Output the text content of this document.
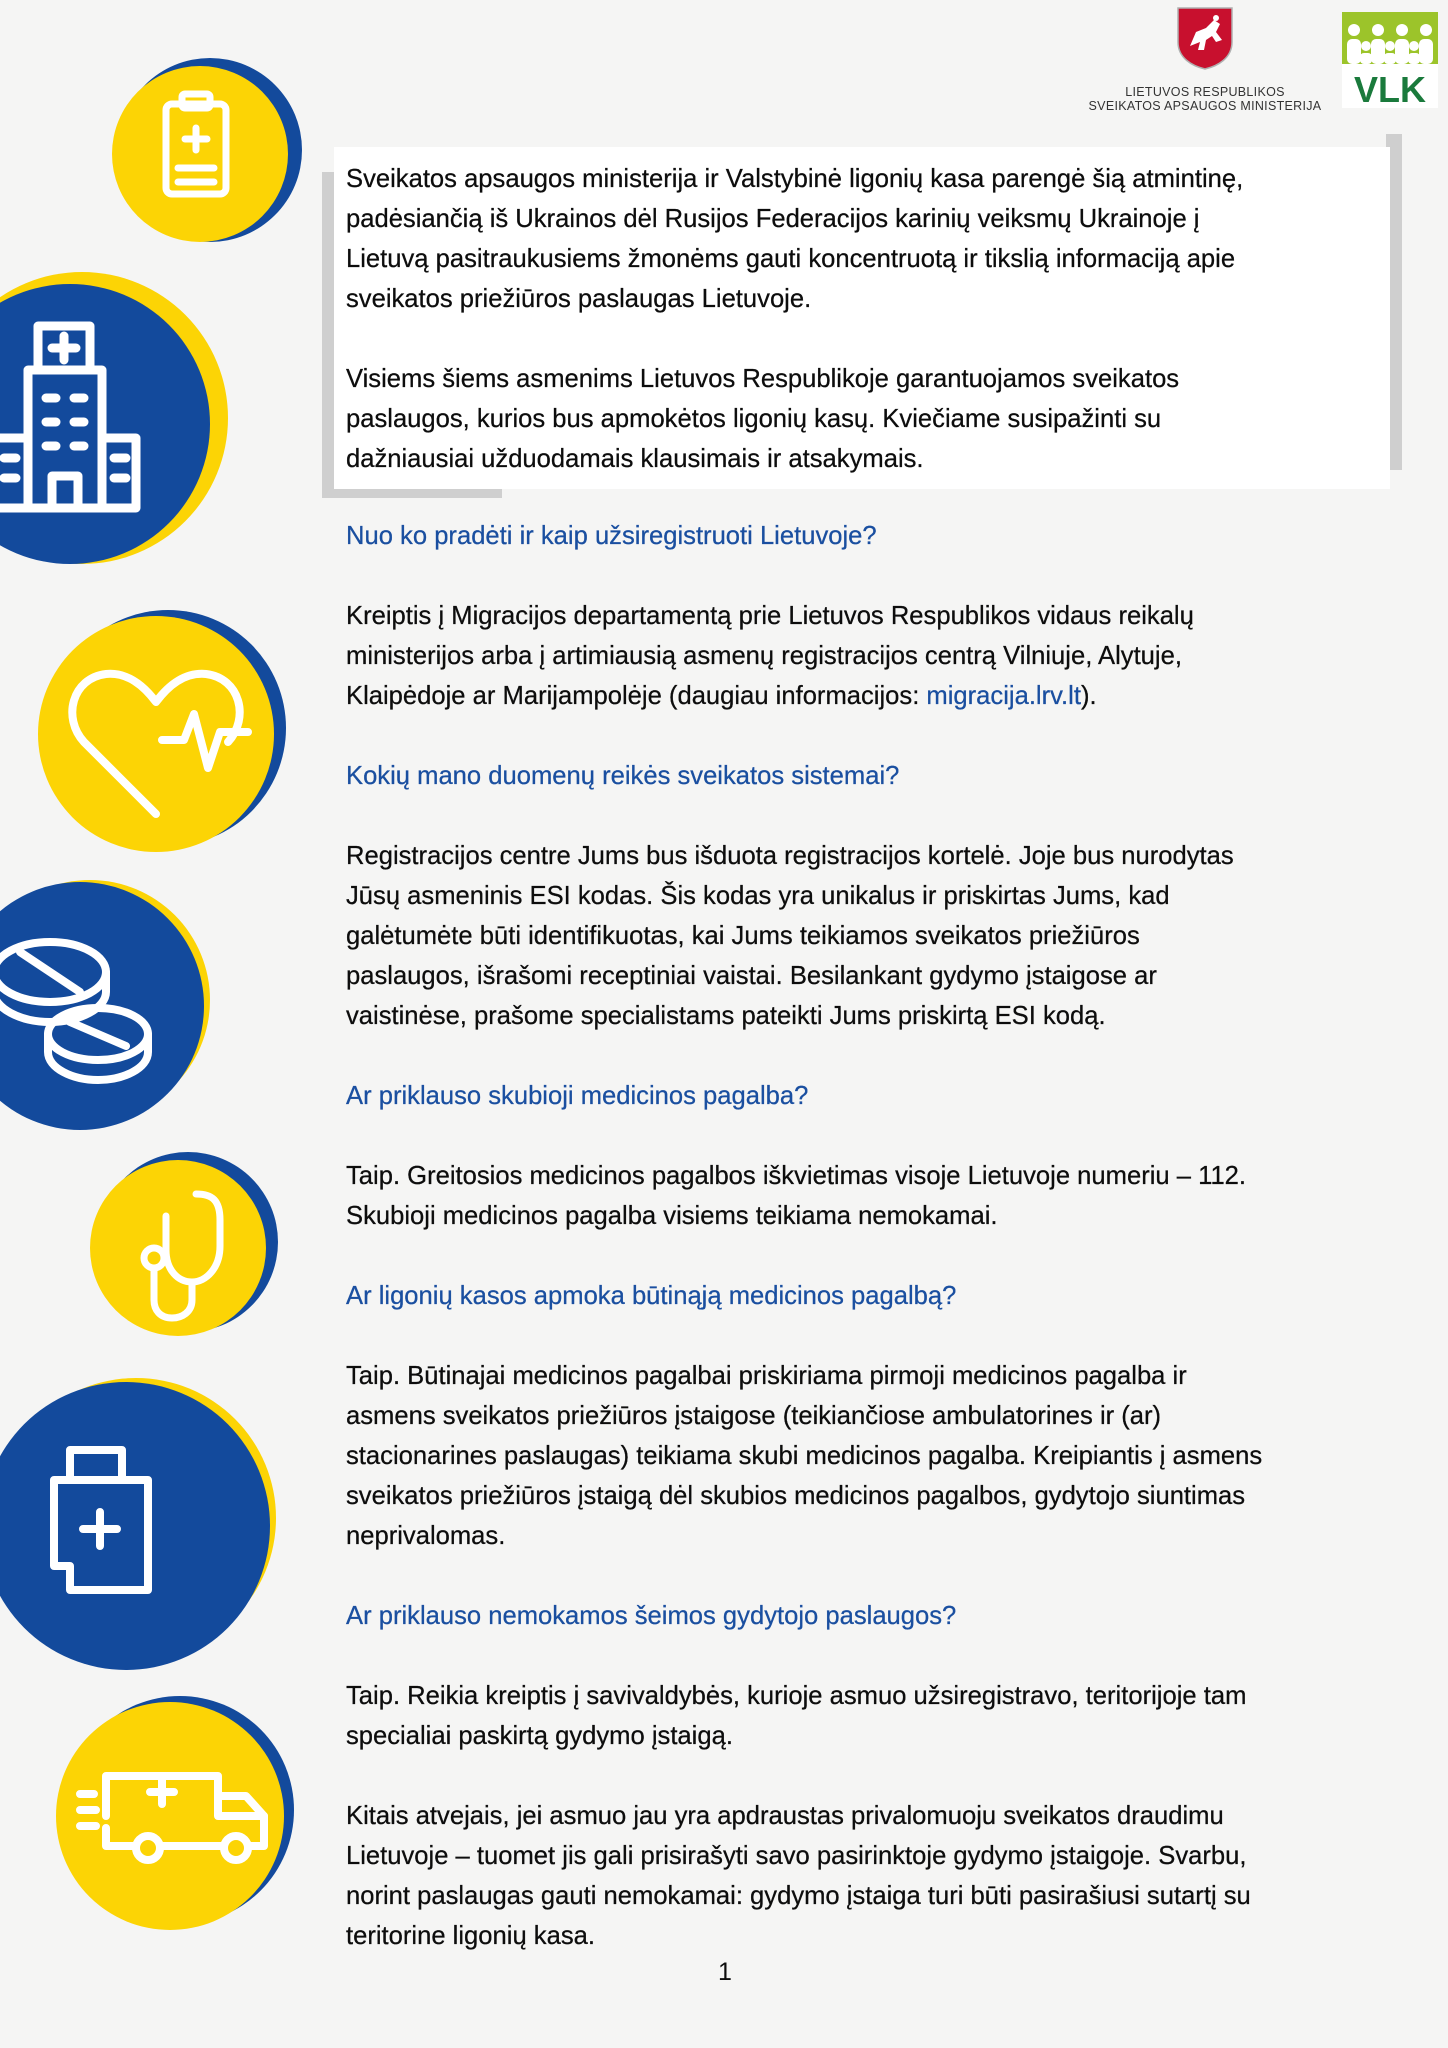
LIETUVOS RESPUBLIKOS
SVEIKATOS APSAUGOS MINISTERIJA VLK

Sveikatos apsaugos ministerija ir Valstybinė ligonių kasa parengė šią atmintinę,
padėsiančią iš Ukrainos dėl Rusijos Federacijos karinių veiksmų Ukrainoje į
Lietuvą pasitraukusiems žmonėms gauti koncentruotą ir tikslią informaciją apie
sveikatos priežiūros paslaugas Lietuvoje.

Visiems šiems asmenims Lietuvos Respublikoje garantuojamos sveikatos
paslaugos, kurios bus apmokėtos ligonių kasų. Kviečiame susipažinti su
dažniausiai užduodamais klausimais ir atsakymais.

Nuo ko pradėti ir kaip užsiregistruoti Lietuvoje?

Kreiptis į Migracijos departamentą prie Lietuvos Respublikos vidaus reikalų
ministerijos arba į artimiausią asmenų registracijos centrą Vilniuje, Alytuje,
Klaipėdoje ar Marijampolėje (daugiau informacijos: migracija.lrv.lt).

Kokių mano duomenų reikės sveikatos sistemai?

Registracijos centre Jums bus išduota registracijos kortelė. Joje bus nurodytas
Jūsų asmeninis ESI kodas. Šis kodas yra unikalus ir priskirtas Jums, kad
galėtumėte būti identifikuotas, kai Jums teikiamos sveikatos priežiūros
paslaugos, išrašomi receptiniai vaistai. Besilankant gydymo įstaigose ar
vaistinėse, prašome specialistams pateikti Jums priskirtą ESI kodą.

Ar priklauso skubioji medicinos pagalba?

Taip. Greitosios medicinos pagalbos iškvietimas visoje Lietuvoje numeriu – 112.
Skubioji medicinos pagalba visiems teikiama nemokamai.

Ar ligonių kasos apmoka būtinąją medicinos pagalbą?

Taip. Būtinajai medicinos pagalbai priskiriama pirmoji medicinos pagalba ir
asmens sveikatos priežiūros įstaigose (teikiančiose ambulatorines ir (ar)
stacionarines paslaugas) teikiama skubi medicinos pagalba. Kreipiantis į asmens
sveikatos priežiūros įstaigą dėl skubios medicinos pagalbos, gydytojo siuntimas
neprivalomas.

Ar priklauso nemokamos šeimos gydytojo paslaugos?

Taip. Reikia kreiptis į savivaldybės, kurioje asmuo užsiregistravo, teritorijoje tam
specialiai paskirtą gydymo įstaigą.

Kitais atvejais, jei asmuo jau yra apdraustas privalomuoju sveikatos draudimu
Lietuvoje – tuomet jis gali prisirašyti savo pasirinktoje gydymo įstaigoje. Svarbu,
norint paslaugas gauti nemokamai: gydymo įstaiga turi būti pasirašiusi sutartį su
teritorine ligonių kasa.

1
